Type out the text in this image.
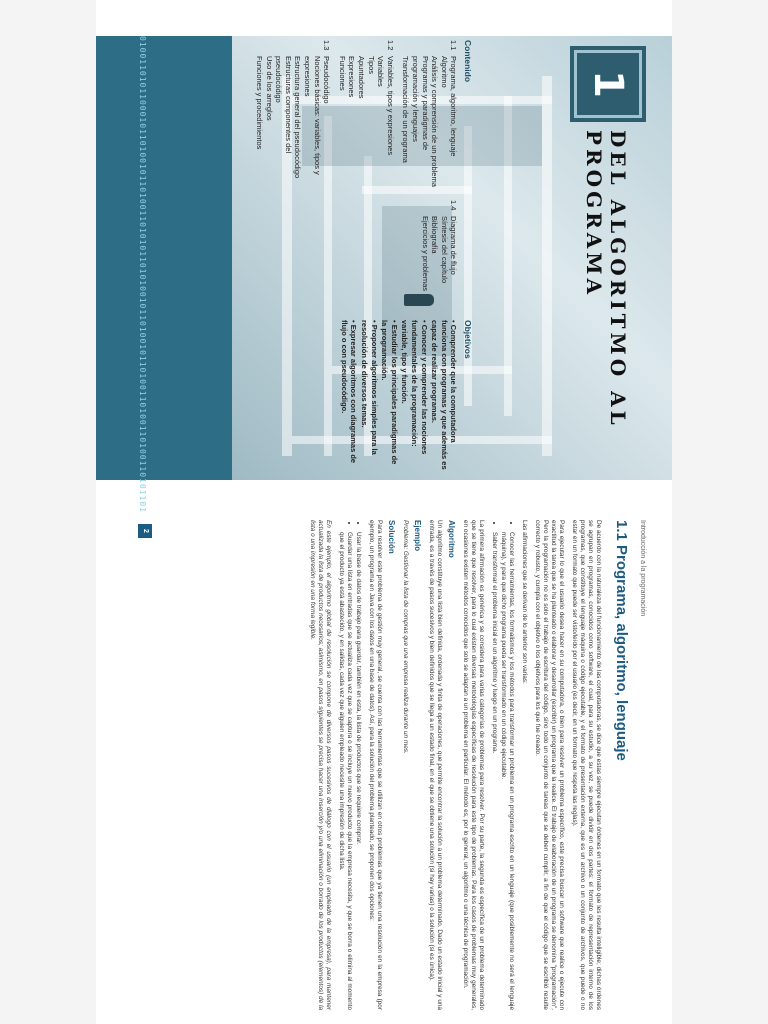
1
DEL ALGORITMO AL PROGRAMA
0100110101100010110100101101001101010110101001011010010110100110100110100110101101	Contenido
1.1Programa, algoritmo, lenguaje
Algoritmo
Análisis y comprensión de un problema
Programas y paradigmas de programación y lenguajes
Transformación de un programa
1.2Variables, tipos y expresiones
Variables
Tipos
Apuntadores
Expresiones
Funciones
1.3Pseudocódigo
Nociones básicas: variables, tipos y expresiones
Estructura general del pseudocódigo
Estructuras componentes del pseudocódigo
Uso de los arreglos
Funciones y procedimientos
1.4Diagrama de flujo
Síntesis del capítulo
Bibliografía
Ejercicios y problemas
Objetivos
• Comprender que la computadora funciona con programas y que además es capaz de realizar programas.
• Conocer y comprender las nociones fundamentales de la programación: variable, tipo y función.
• Estudiar los principales paradigmas de la programación.
• Proponer algoritmos simples para la resolución de diversos temas.
• Expresar algoritmos con diagramas de flujo o con pseudocódigo.
Introducción a la programación
1.1 Programa, algoritmo, lenguaje

De acuerdo con la naturaleza del funcionamiento de las computadoras, se dice que estas siempre ejecutan órdenes en un formato que les resulta inteligible; dichas órdenes se agrupan en programas, conocidos como software, el cual, para su estudio, a su vez, se puede dividir en dos partes: el formato de representación interno de los programas, que constituye el lenguaje máquina o código ejecutable, y el formato de presentación externa, que es un archivo o un conjunto de archivos, que puede o no estar en un formato que puede ser visto/leído por el usuario (es decir, en un formato que respeta las reglas).

Para ejecutar lo que el usuario desea hacer en su computadora, o bien para resolver un problema específico, este precisa buscar un software que realice o ejecute con exactitud la tarea que se ha planteado o elaborar y desarrollar (escribir) un programa que la realice. El trabajo de elaboración de un programa se denomina "programación". Pero la programación no es solo el trabajo de escritura del código, sino todo un conjunto de tareas que se deben cumplir, a fin de que el código que se escribió resulte correcto y robusto, y cumpla con el objetivo o los objetivos para los que fue creado.

Las afirmaciones que se derivan de lo anterior son varias:

• Conocer las herramientas, los formalismos y los métodos para transformar un problema en un programa escrito en un lenguaje (que posiblemente no será el lenguaje máquina), y para que dicho programa pueda ser transformado en un código ejecutable.
• Saber transformar el problema inicial en un algoritmo y luego en un programa.

La primera afirmación es genérica y se considera para varias categorías de problemas para resolver. Por su parte, la segunda es específica de un problema determinado que se tiene que resolver, para lo cual existen diversas metodologías específicas de resolución para este tipo de problemas. Para los casos de problemas muy generales, en ocasiones existen métodos conocidos que solo se adaptan a un problema en particular. El método es, por lo general, un algoritmo o una técnica de programación.

Algoritmo

Un algoritmo constituye una lista bien definida, ordenada y finita de operaciones, que permite encontrar la solución a un problema determinado. Dado un estado inicial y una entrada, es a través de pasos sucesivos y bien definidos que se llega a un estado final, en el que se obtiene una solución (si hay varias) o la solución (si es única).

Ejemplo

Problema: Gestionar la lista de compras que una empresa realiza durante un mes.

Solución

Para resolver este problema de gestión muy general, se cuenta con las herramientas que se utilizan en otros problemas que ya tienen una resolución en la empresa (por ejemplo, un programa en Java con los datos en una base de datos). Así, para la solución del problema planteado, se proponen dos opciones:

• Usar la base de datos de trabajo para guardar, también en esta, la lista de productos que se requiere comprar.
• Guardar una lista en entradas que se actualiza cada vez que se captura o se incluye un nuevo producto que la empresa necesita, y que se borra o elimina al momento que el producto ya está abastecido, y en salidas, cada vez que alguien empleado necesite una impresión de dicha lista.

En este ejemplo, el algoritmo global de resolución se compone de diversos pasos sucesivos de diálogo con el usuario (un empleado de la empresa), para mantener actualizada la lista de productos necesarios; asimismo, en pasos siguientes se precisa hacer una inserción y/o una eliminación o borrado de los productos (elementos) de la lista o una impresión en una forma legible.

2
